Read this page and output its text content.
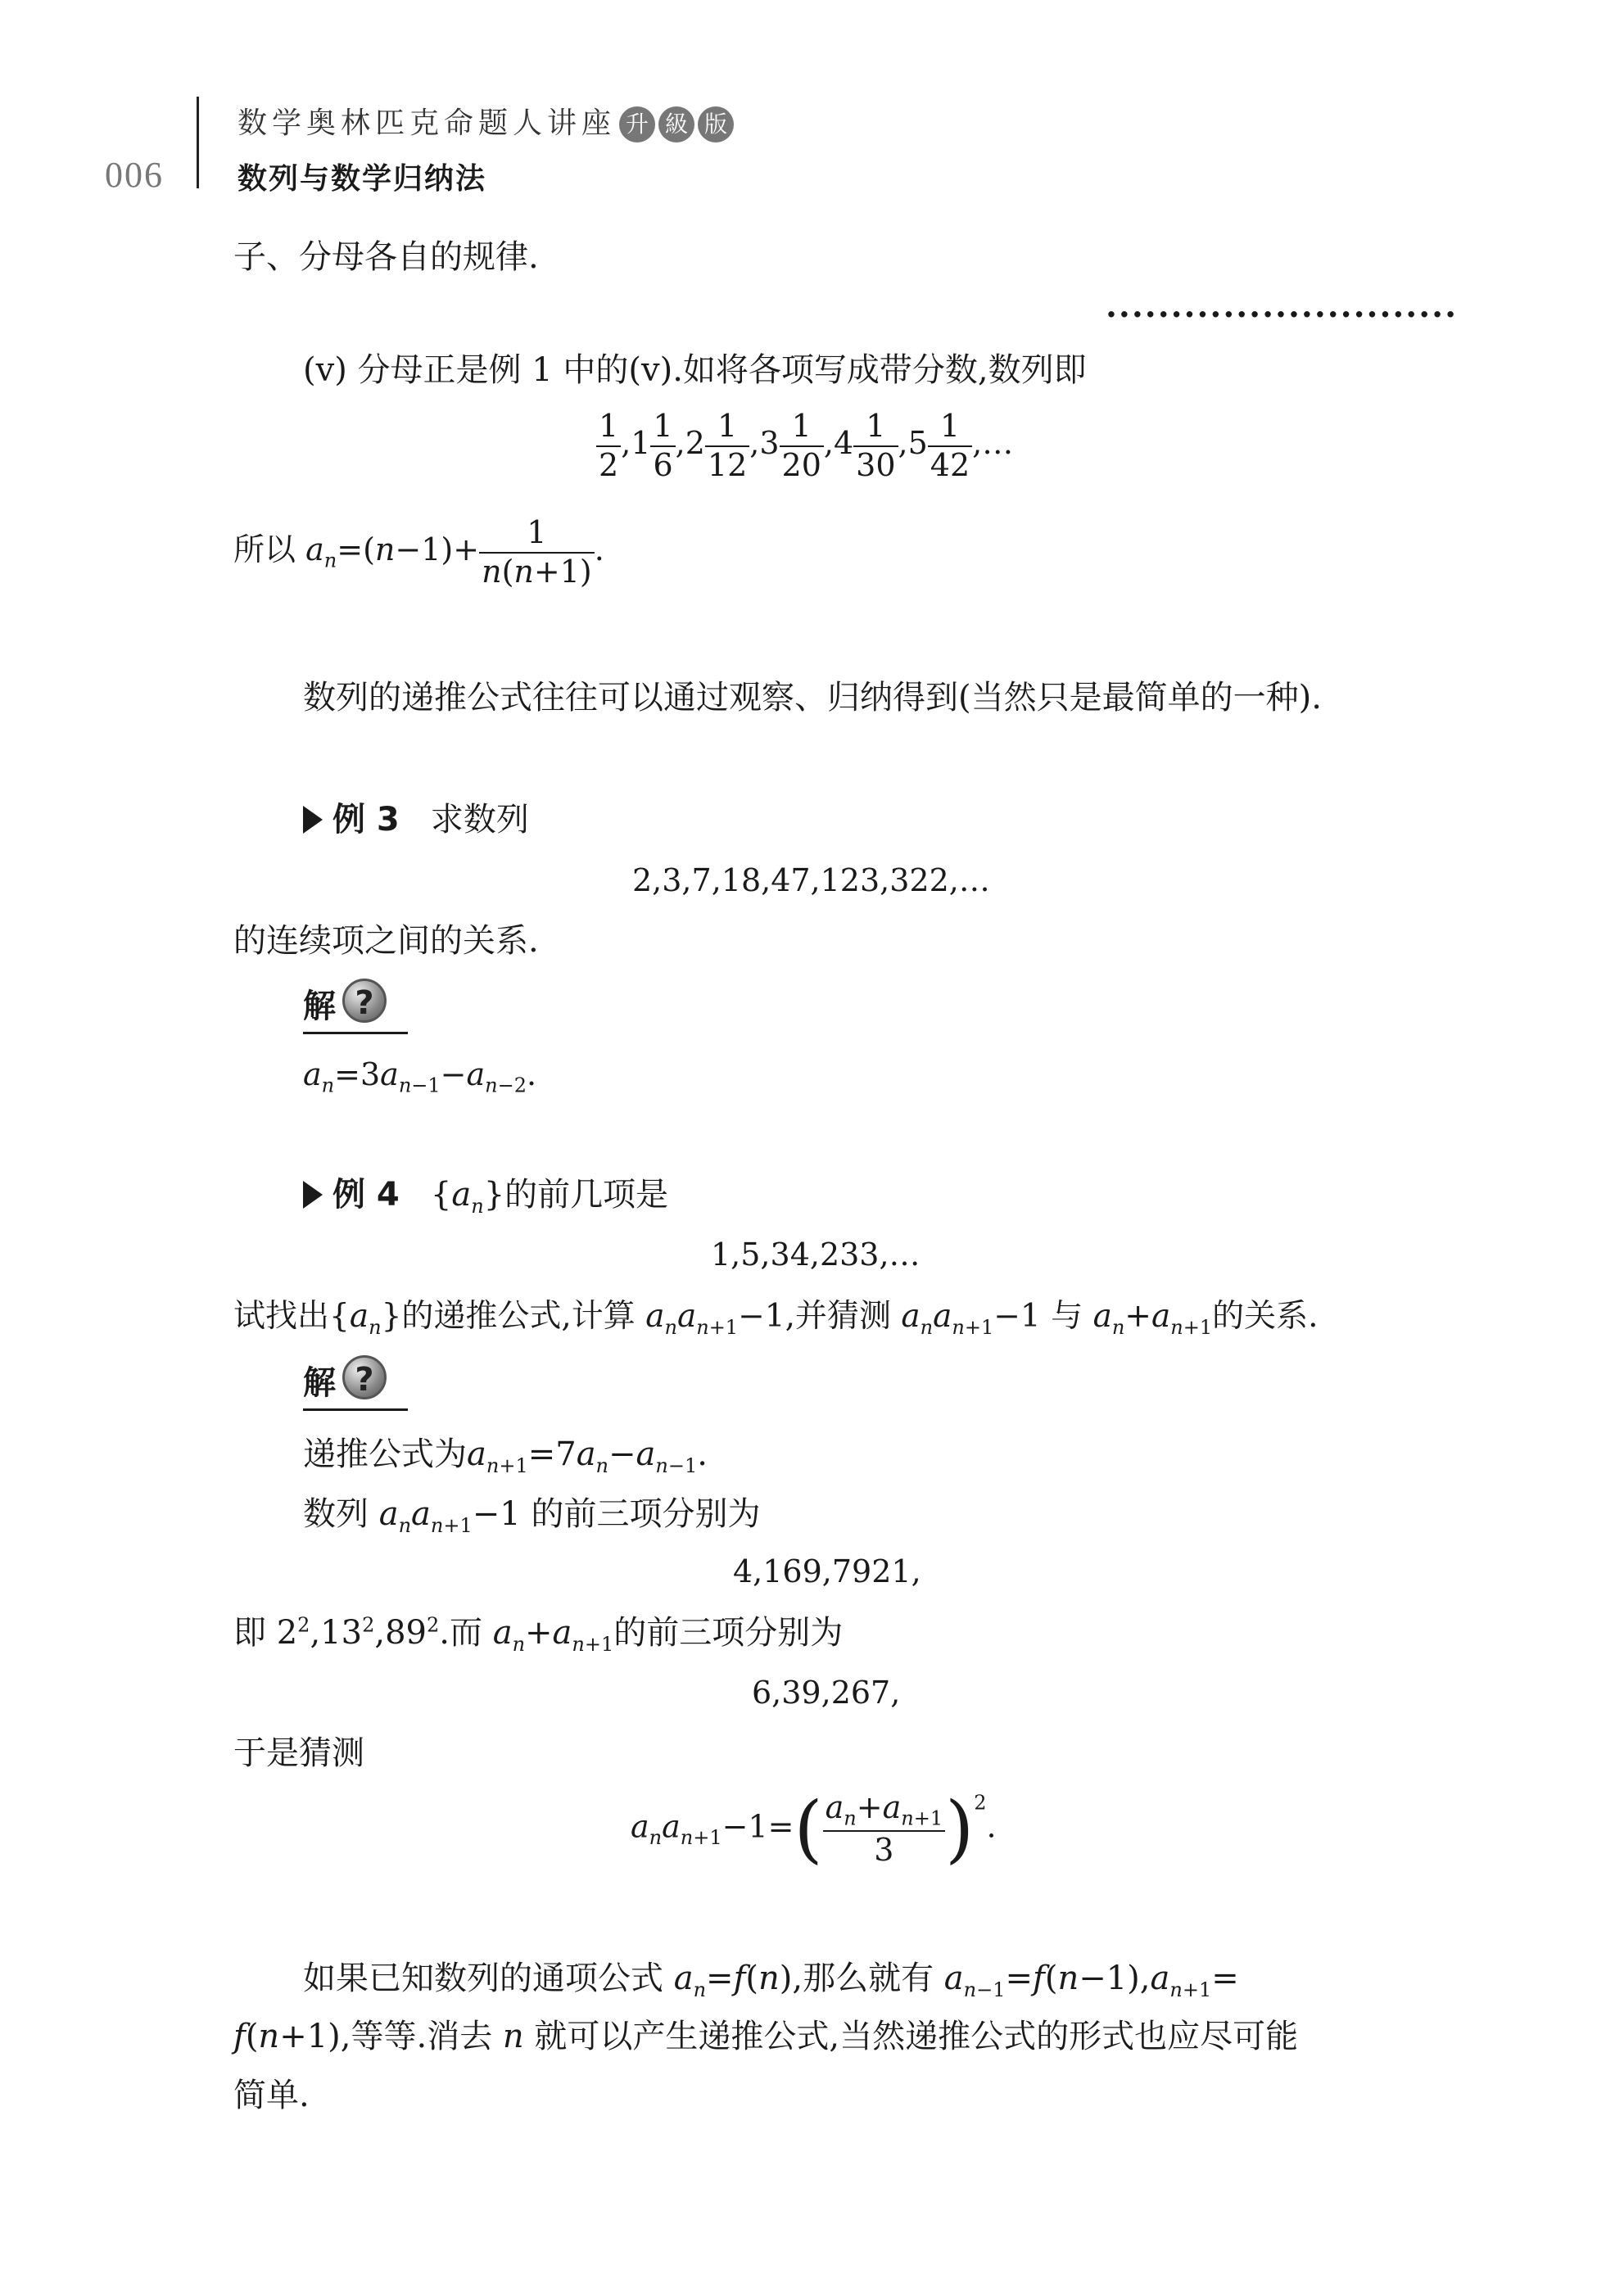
006
数学奥林匹克命题人讲座 升 級 版
数列与数学归纳法
子、分母各自的规律.
...........................
(v) 分母正是例 1 中的(v).如将各项写成带分数,数列即
$\frac{1}{2} ,1 \frac{1}{6} ,2 \frac{1}{12} ,3 \frac{1}{20} ,4 \frac{1}{30} ,5 \frac{1}{42}$ ,…
所以 $a_n=(n-1)+ \frac{1}{n(n+1)}$ .
数列的递推公式往往可以通过观察、归纳得到(当然只是最简单的一种).
例 3 求数列
2,3,7,18,47,123,322,…
的连续项之间的关系.
解 ?
$a_n=3a_{n-1}-a_{n-2}$.
例 4   $\{a_n\}$的前几项是
1,5,34,233,…
试找出$\{a_n\}$的递推公式,计算 $a_na_{n+1}-1$,并猜测 $a_na_{n+1}-1$ 与 $a_n+a_{n+1}$的关系.
解 ?
递推公式为$a_{n+1}=7a_n-a_{n-1}$.
数列 $a_na_{n+1}-1$ 的前三项分别为
4,169,7921,
即 $2^2,13^2,89^2$.而 $a_n+a_{n+1}$的前三项分别为
6,39,267,
于是猜测
$a_na_{n+1}-1=( \frac{a_n+a_{n+1}}{3} )^2$.
如果已知数列的通项公式 $a_n=f(n)$,那么就有 $a_{n-1}=f(n-1),a_{n+1}=$
f(n+1),等等.消去 n 就可以产生递推公式,当然递推公式的形式也应尽可能
简单.
